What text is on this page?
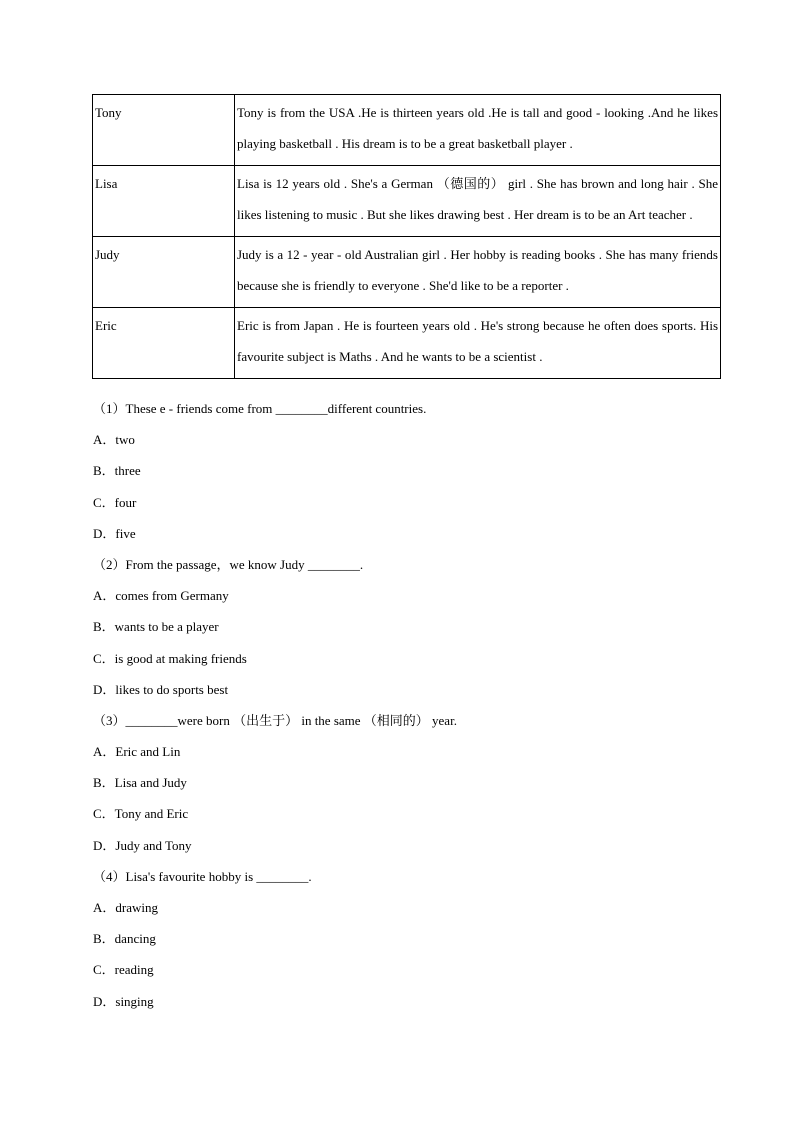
Tony	Tony is from the USA .He is thirteen years old .He is tall and good - looking .And he likes playing basketball . His dream is to be a great basketball player .
Lisa	Lisa is 12 years old . She's a German （德国的） girl . She has brown and long hair . She likes listening to music . But she likes drawing best . Her dream is to be an Art teacher .
Judy	Judy is a 12 - year - old Australian girl . Her hobby is reading books . She has many friends because she is friendly to everyone . She'd like to be a reporter .
Eric	Eric is from Japan . He is fourteen years old . He's strong because he often does sports. His favourite subject is Maths . And he wants to be a scientist .
（1）These e - friends come from ________different countries.
A．two
B．three
C．four
D．five
（2）From the passage，we know Judy ________.
A．comes from Germany
B．wants to be a player
C．is good at making friends
D．likes to do sports best
（3）________were born （出生于） in the same （相同的） year.
A．Eric and Lin
B．Lisa and Judy
C．Tony and Eric
D．Judy and Tony
（4）Lisa's favourite hobby is ________.
A．drawing
B．dancing
C．reading
D．singing
